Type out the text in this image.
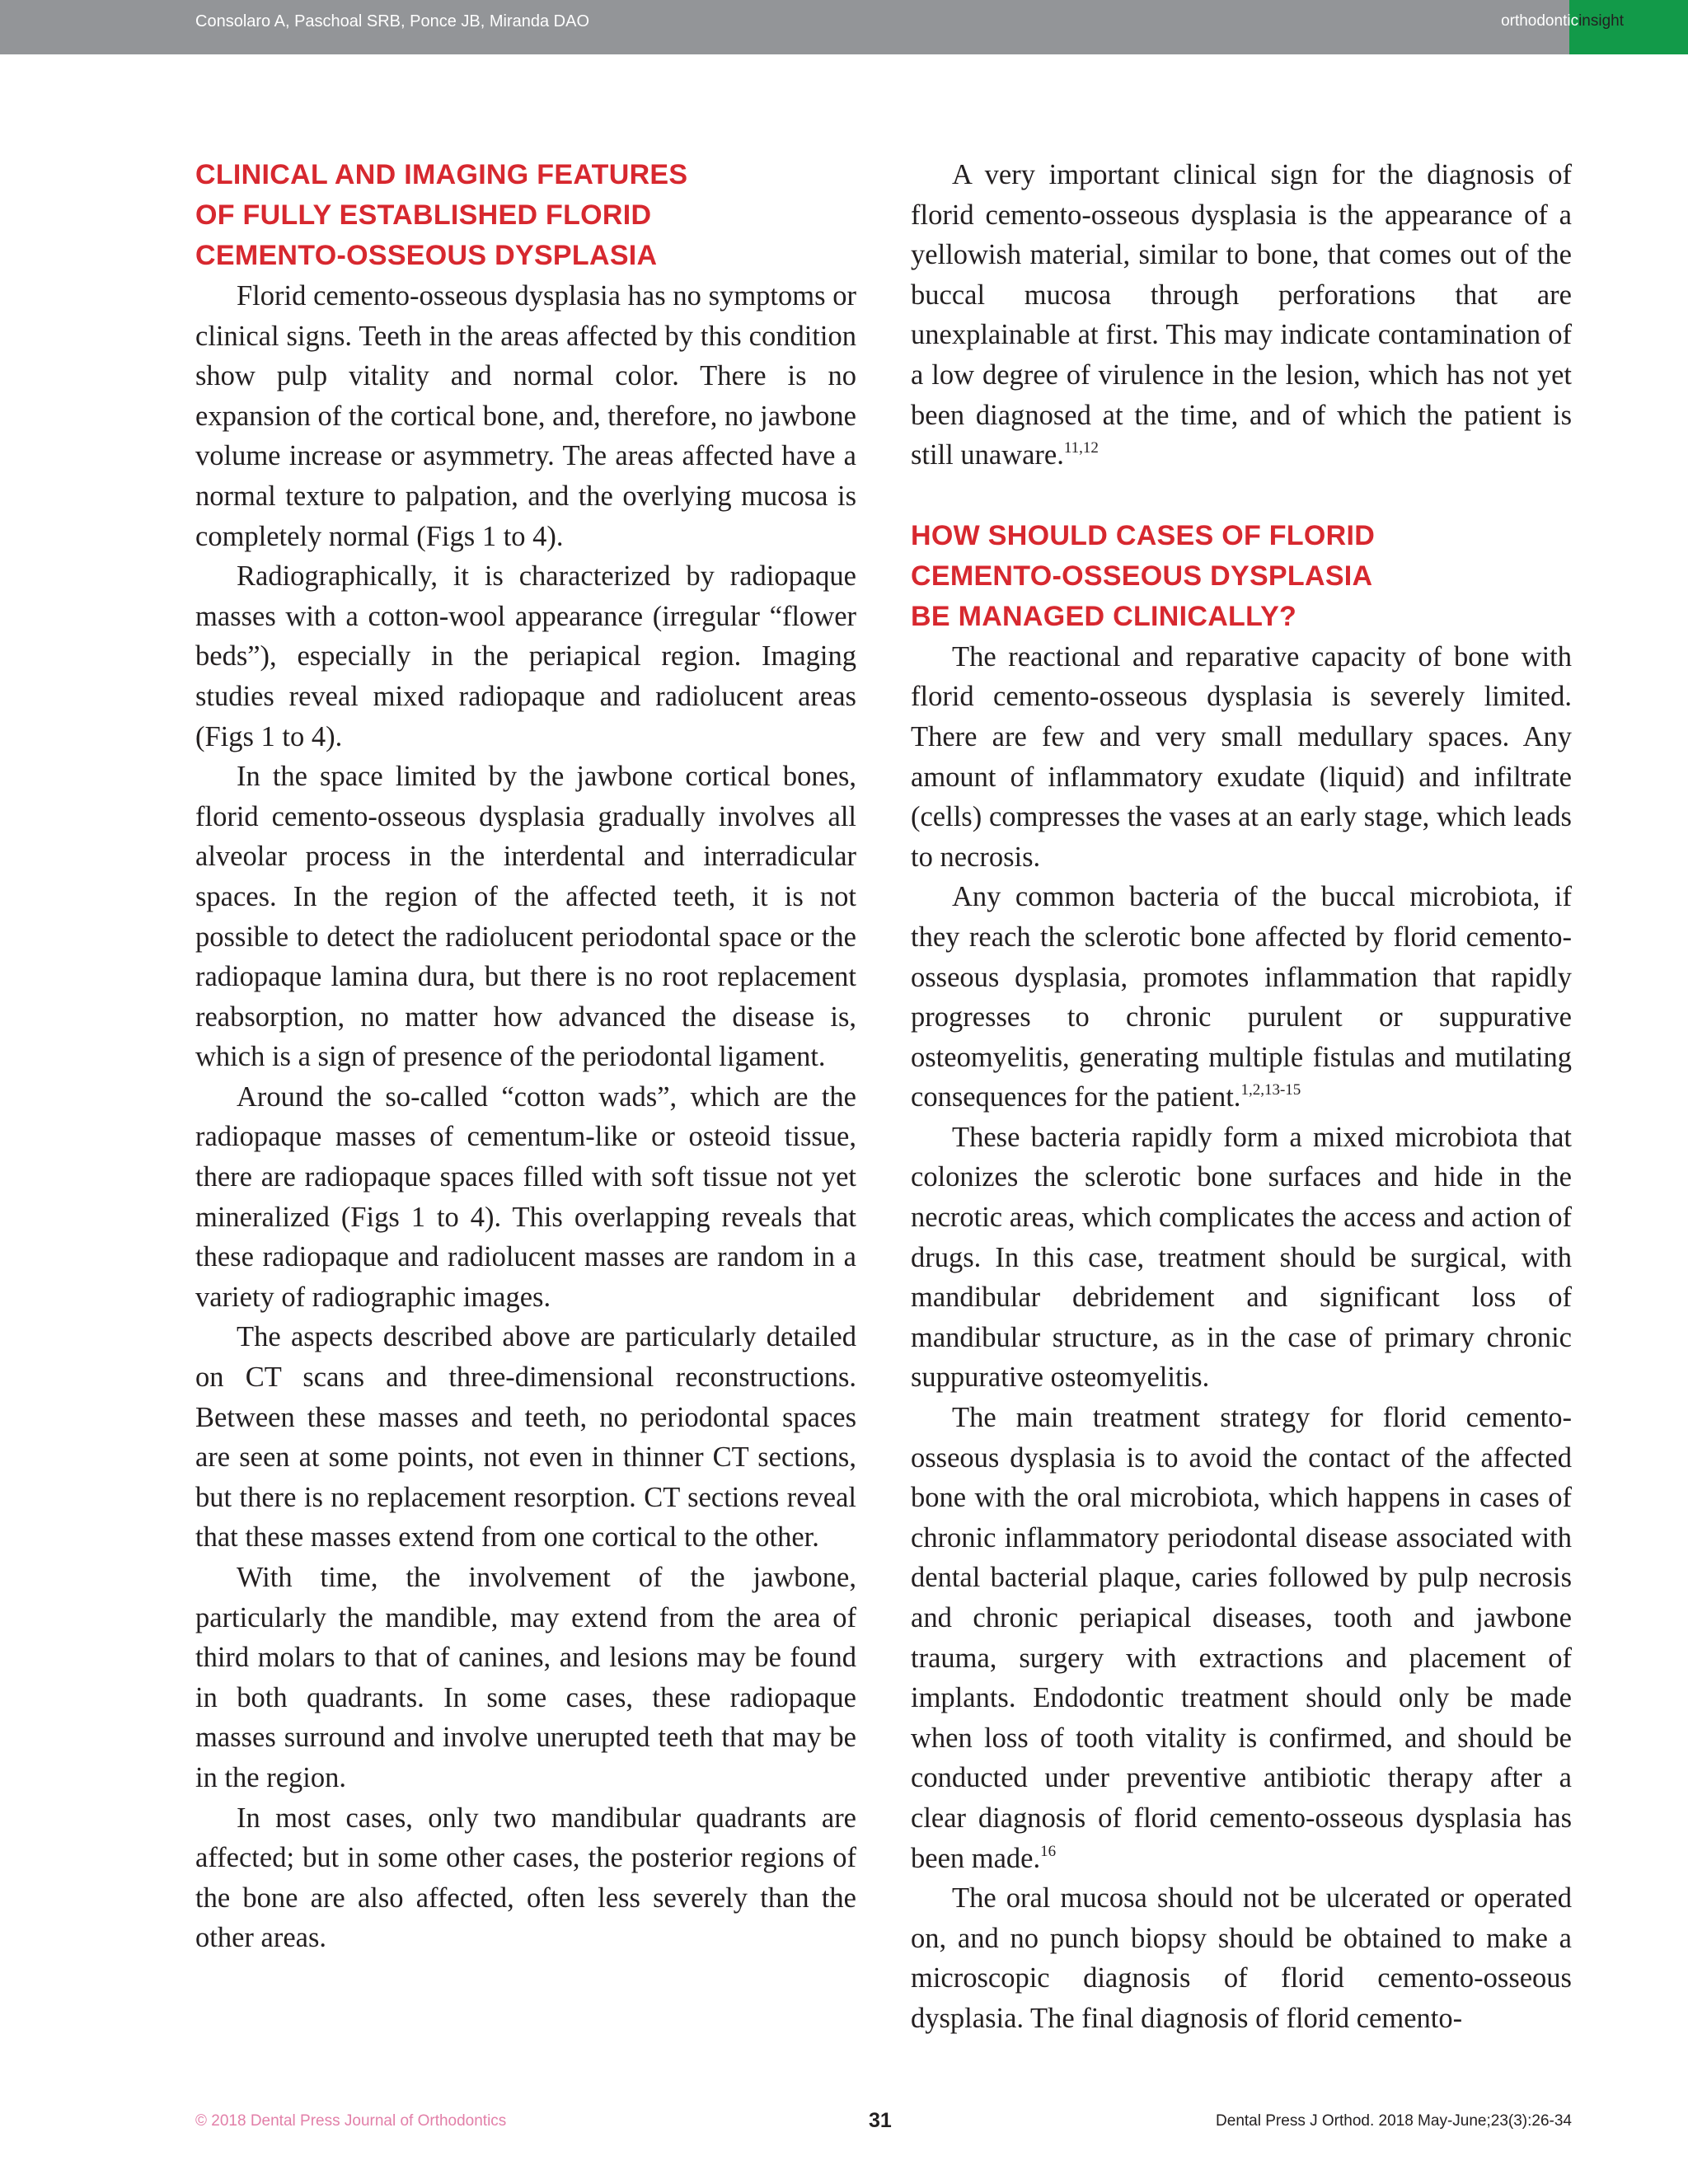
Consolaro A, Paschoal SRB, Ponce JB, Miranda DAO	orthodonticinsight
CLINICAL AND IMAGING FEATURES
OF FULLY ESTABLISHED FLORID
CEMENTO-OSSEOUS DYSPLASIA

Florid cemento-osseous dysplasia has no symptoms or clinical signs. Teeth in the areas affected by this condition show pulp vitality and normal color. There is no expansion of the cortical bone, and, therefore, no jawbone volume increase or asymmetry. The areas affected have a normal texture to palpation, and the overlying mucosa is completely normal (Figs 1 to 4).

Radiographically, it is characterized by radiopaque masses with a cotton-wool appearance (irregular “flower beds”), especially in the periapical region. Imaging studies reveal mixed radiopaque and radiolucent areas (Figs 1 to 4).

In the space limited by the jawbone cortical bones, florid cemento-osseous dysplasia gradually involves all alveolar process in the interdental and interradicular spaces. In the region of the affected teeth, it is not possible to detect the radiolucent periodontal space or the radiopaque lamina dura, but there is no root replacement reabsorption, no matter how advanced the disease is, which is a sign of presence of the periodontal ligament.

Around the so-called “cotton wads”, which are the radiopaque masses of cementum-like or osteoid tissue, there are radiopaque spaces filled with soft tissue not yet mineralized (Figs 1 to 4). This overlapping reveals that these radiopaque and radiolucent masses are random in a variety of radiographic images.

The aspects described above are particularly detailed on CT scans and three-dimensional reconstructions. Between these masses and teeth, no periodontal spaces are seen at some points, not even in thinner CT sections, but there is no replacement resorption. CT sections reveal that these masses extend from one cortical to the other.

With time, the involvement of the jawbone, particularly the mandible, may extend from the area of third molars to that of canines, and lesions may be found in both quadrants. In some cases, these radiopaque masses surround and involve unerupted teeth that may be in the region.

In most cases, only two mandibular quadrants are affected; but in some other cases, the posterior regions of the bone are also affected, often less severely than the other areas.

A very important clinical sign for the diagnosis of florid cemento-osseous dysplasia is the appearance of a yellowish material, similar to bone, that comes out of the buccal mucosa through perforations that are unexplainable at first. This may indicate contamination of a low degree of virulence in the lesion, which has not yet been diagnosed at the time, and of which the patient is still unaware.$^{11,12}$

HOW SHOULD CASES OF FLORID
CEMENTO-OSSEOUS DYSPLASIA
BE MANAGED CLINICALLY?

The reactional and reparative capacity of bone with florid cemento-osseous dysplasia is severely limited. There are few and very small medullary spaces. Any amount of inflammatory exudate (liquid) and infiltrate (cells) compresses the vases at an early stage, which leads to necrosis.

Any common bacteria of the buccal microbiota, if they reach the sclerotic bone affected by florid cemento-osseous dysplasia, promotes inflammation that rapidly progresses to chronic purulent or suppurative osteomyelitis, generating multiple fistulas and mutilating consequences for the patient.$^{1,2,13-15}$

These bacteria rapidly form a mixed microbiota that colonizes the sclerotic bone surfaces and hide in the necrotic areas, which complicates the access and action of drugs. In this case, treatment should be surgical, with mandibular debridement and significant loss of mandibular structure, as in the case of primary chronic suppurative osteomyelitis.

The main treatment strategy for florid cemento-osseous dysplasia is to avoid the contact of the affected bone with the oral microbiota, which happens in cases of chronic inflammatory periodontal disease associated with dental bacterial plaque, caries followed by pulp necrosis and chronic periapical diseases, tooth and jawbone trauma, surgery with extractions and placement of implants. Endodontic treatment should only be made when loss of tooth vitality is confirmed, and should be conducted under preventive antibiotic therapy after a clear diagnosis of florid cemento-osseous dysplasia has been made.$^{16}$

The oral mucosa should not be ulcerated or operated on, and no punch biopsy should be obtained to make a microscopic diagnosis of florid cemento-osseous dysplasia. The final diagnosis of florid cemento-

© 2018 Dental Press Journal of Orthodontics	31	Dental Press J Orthod. 2018 May-June;23(3):26-34
